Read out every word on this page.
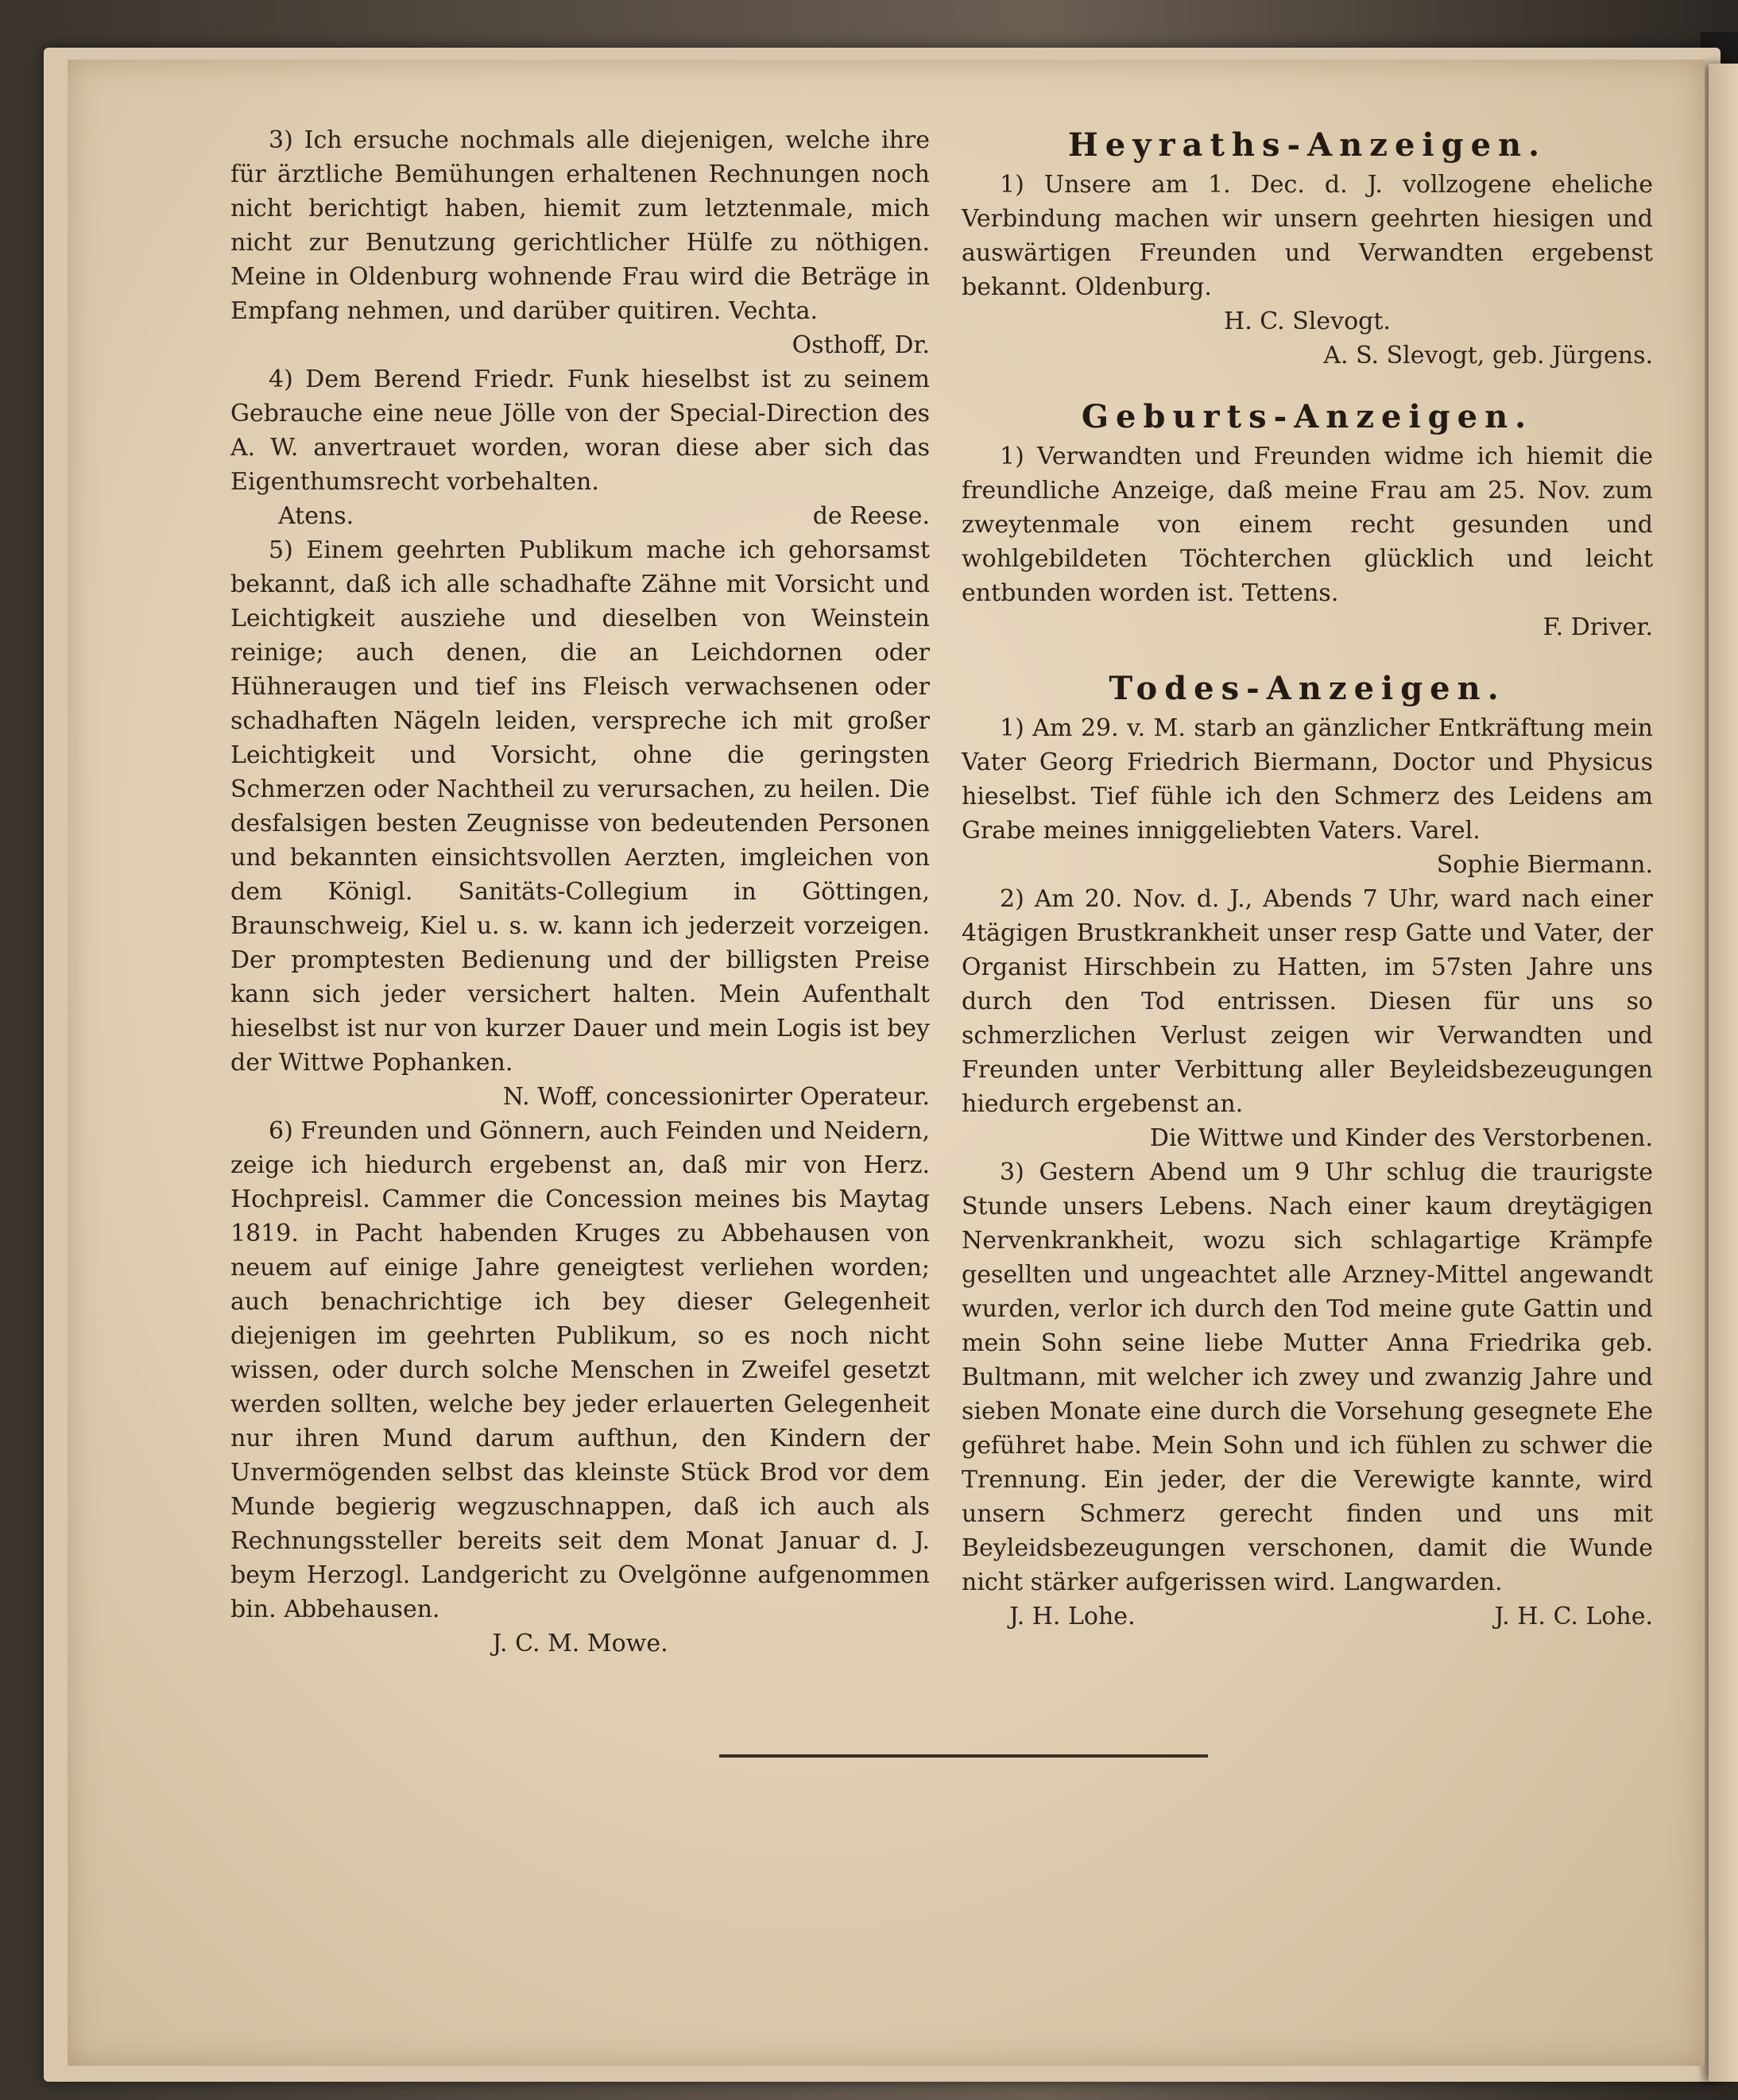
3) Ich ersuche nochmals alle diejenigen, welche ihre für ärztliche Bemühungen erhaltenen Rechnungen noch nicht berichtigt haben, hiemit zum letztenmale, mich nicht zur Benutzung gerichtlicher Hülfe zu nöthigen. Meine in Oldenburg wohnende Frau wird die Beträge in Empfang nehmen, und darüber quitiren. Vechta.

Osthoff, Dr.

4) Dem Berend Friedr. Funk hieselbst ist zu seinem Gebrauche eine neue Jölle von der Special-Direction des A. W. anvertrauet worden, woran diese aber sich das Eigenthumsrecht vorbehalten.

Atens.	de Reese.

5) Einem geehrten Publikum mache ich gehorsamst bekannt, daß ich alle schadhafte Zähne mit Vorsicht und Leichtigkeit ausziehe und dieselben von Weinstein reinige; auch denen, die an Leichdornen oder Hühneraugen und tief ins Fleisch verwachsenen oder schadhaften Nägeln leiden, verspreche ich mit großer Leichtigkeit und Vorsicht, ohne die geringsten Schmerzen oder Nachtheil zu verursachen, zu heilen. Die desfalsigen besten Zeugnisse von bedeutenden Personen und bekannten einsichtsvollen Aerzten, imgleichen von dem Königl. Sanitäts-Collegium in Göttingen, Braunschweig, Kiel u. s. w. kann ich jederzeit vorzeigen. Der promptesten Bedienung und der billigsten Preise kann sich jeder versichert halten. Mein Aufenthalt hieselbst ist nur von kurzer Dauer und mein Logis ist bey der Wittwe Pophanken.

N. Woff, concessionirter Operateur.

6) Freunden und Gönnern, auch Feinden und Neidern, zeige ich hiedurch ergebenst an, daß mir von Herz. Hochpreisl. Cammer die Concession meines bis Maytag 1819. in Pacht habenden Kruges zu Abbehausen von neuem auf einige Jahre geneigtest verliehen worden; auch benachrichtige ich bey dieser Gelegenheit diejenigen im geehrten Publikum, so es noch nicht wissen, oder durch solche Menschen in Zweifel gesetzt werden sollten, welche bey jeder erlauerten Gelegenheit nur ihren Mund darum aufthun, den Kindern der Unvermögenden selbst das kleinste Stück Brod vor dem Munde begierig wegzuschnappen, daß ich auch als Rechnungssteller bereits seit dem Monat Januar d. J. beym Herzogl. Landgericht zu Ovelgönne aufgenommen bin. Abbehausen.

J. C. M. Mowe.

Heyraths-Anzeigen.

1) Unsere am 1. Dec. d. J. vollzogene eheliche Verbindung machen wir unsern geehrten hiesigen und auswärtigen Freunden und Verwandten ergebenst bekannt. Oldenburg.

H. C. Slevogt.

A. S. Slevogt, geb. Jürgens.

Geburts-Anzeigen.

1) Verwandten und Freunden widme ich hiemit die freundliche Anzeige, daß meine Frau am 25. Nov. zum zweytenmale von einem recht gesunden und wohlgebildeten Töchterchen glücklich und leicht entbunden worden ist. Tettens.

F. Driver.

Todes-Anzeigen.

1) Am 29. v. M. starb an gänzlicher Entkräftung mein Vater Georg Friedrich Biermann, Doctor und Physicus hieselbst. Tief fühle ich den Schmerz des Leidens am Grabe meines inniggeliebten Vaters. Varel.

Sophie Biermann.

2) Am 20. Nov. d. J., Abends 7 Uhr, ward nach einer 4tägigen Brustkrankheit unser resp Gatte und Vater, der Organist Hirschbein zu Hatten, im 57sten Jahre uns durch den Tod entrissen. Diesen für uns so schmerzlichen Verlust zeigen wir Verwandten und Freunden unter Verbittung aller Beyleidsbezeugungen hiedurch ergebenst an.

Die Wittwe und Kinder des Verstorbenen.

3) Gestern Abend um 9 Uhr schlug die traurigste Stunde unsers Lebens. Nach einer kaum dreytägigen Nervenkrankheit, wozu sich schlagartige Krämpfe gesellten und ungeachtet alle Arzney-Mittel angewandt wurden, verlor ich durch den Tod meine gute Gattin und mein Sohn seine liebe Mutter Anna Friedrika geb. Bultmann, mit welcher ich zwey und zwanzig Jahre und sieben Monate eine durch die Vorsehung gesegnete Ehe geführet habe. Mein Sohn und ich fühlen zu schwer die Trennung. Ein jeder, der die Verewigte kannte, wird unsern Schmerz gerecht finden und uns mit Beyleidsbezeugungen verschonen, damit die Wunde nicht stärker aufgerissen wird. Langwarden.

J. H. Lohe.	J. H. C. Lohe.
